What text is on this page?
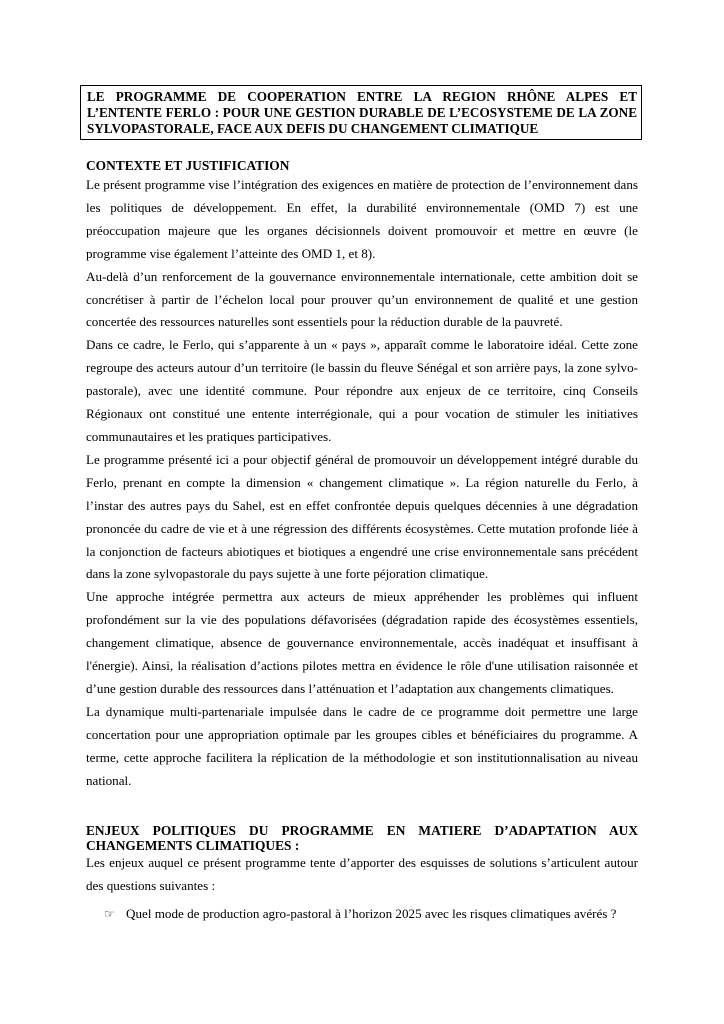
LE PROGRAMME DE COOPERATION ENTRE LA REGION RHÔNE ALPES ET L’ENTENTE FERLO : POUR UNE GESTION DURABLE DE L’ECOSYSTEME DE LA ZONE SYLVOPASTORALE, FACE AUX DEFIS DU CHANGEMENT CLIMATIQUE
CONTEXTE ET JUSTIFICATION

Le présent programme vise l’intégration des exigences en matière de protection de l’environnement dans les politiques de développement. En effet, la durabilité environnementale (OMD 7) est une préoccupation majeure que les organes décisionnels doivent promouvoir et mettre en œuvre (le programme vise également l’atteinte des OMD 1, et 8).

Au-delà d’un renforcement de la gouvernance environnementale internationale, cette ambition doit se concrétiser à partir de l’échelon local pour prouver qu’un environnement de qualité et une gestion concertée des ressources naturelles sont essentiels pour la réduction durable de la pauvreté.

Dans ce cadre, le Ferlo, qui s’apparente à un « pays », apparaît comme le laboratoire idéal. Cette zone regroupe des acteurs autour d’un territoire (le bassin du fleuve Sénégal et son arrière pays, la zone sylvo-pastorale), avec une identité commune. Pour répondre aux enjeux de ce territoire, cinq Conseils Régionaux ont constitué une entente interrégionale, qui a pour vocation de stimuler les initiatives communautaires et les pratiques participatives.

Le programme présenté ici a pour objectif général de promouvoir un développement intégré durable du Ferlo, prenant en compte la dimension « changement climatique ». La région naturelle du Ferlo, à l’instar des autres pays du Sahel, est en effet confrontée depuis quelques décennies à une dégradation prononcée du cadre de vie et à une régression des différents écosystèmes. Cette mutation profonde liée à la conjonction de facteurs abiotiques et biotiques a engendré une crise environnementale sans précédent dans la zone sylvopastorale du pays sujette à une forte péjoration climatique.

Une approche intégrée permettra aux acteurs de mieux appréhender les problèmes qui influent profondément sur la vie des populations défavorisées (dégradation rapide des écosystèmes essentiels, changement climatique, absence de gouvernance environnementale, accès inadéquat et insuffisant à l'énergie). Ainsi, la réalisation d’actions pilotes mettra en évidence le rôle d'une utilisation raisonnée et d’une gestion durable des ressources dans l’atténuation et l’adaptation aux changements climatiques.

La dynamique multi-partenariale impulsée dans le cadre de ce programme doit permettre une large concertation pour une appropriation optimale par les groupes cibles et bénéficiaires du programme. A terme, cette approche facilitera la réplication de la méthodologie et son institutionnalisation au niveau national.

ENJEUX POLITIQUES DU PROGRAMME EN MATIERE D’ADAPTATION AUX CHANGEMENTS CLIMATIQUES :

Les enjeux auquel ce présent programme tente d’apporter des esquisses de solutions s’articulent autour des questions suivantes :

☞ Quel mode de production agro-pastoral à l’horizon 2025 avec les risques climatiques avérés ?
